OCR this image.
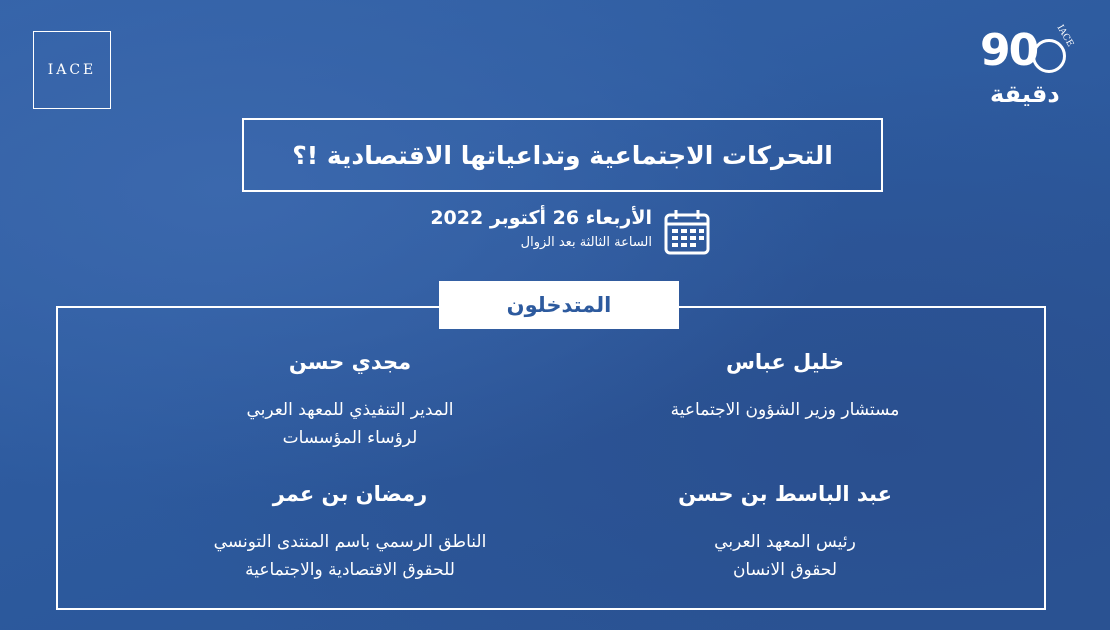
IACE	90 IACE
دقيقة
التحركات الاجتماعية وتداعياتها الاقتصادية !؟
الأربعاء 26 أكتوبر 2022
الساعة الثالثة بعد الزوال
المتدخلون
خليل عباس
مستشار وزير الشؤون الاجتماعية
مجدي حسن
المدير التنفيذي للمعهد العربي
لرؤساء المؤسسات
عبد الباسط بن حسن
رئيس المعهد العربي
لحقوق الانسان
رمضان بن عمر
الناطق الرسمي باسم المنتدى التونسي
للحقوق الاقتصادية والاجتماعية
